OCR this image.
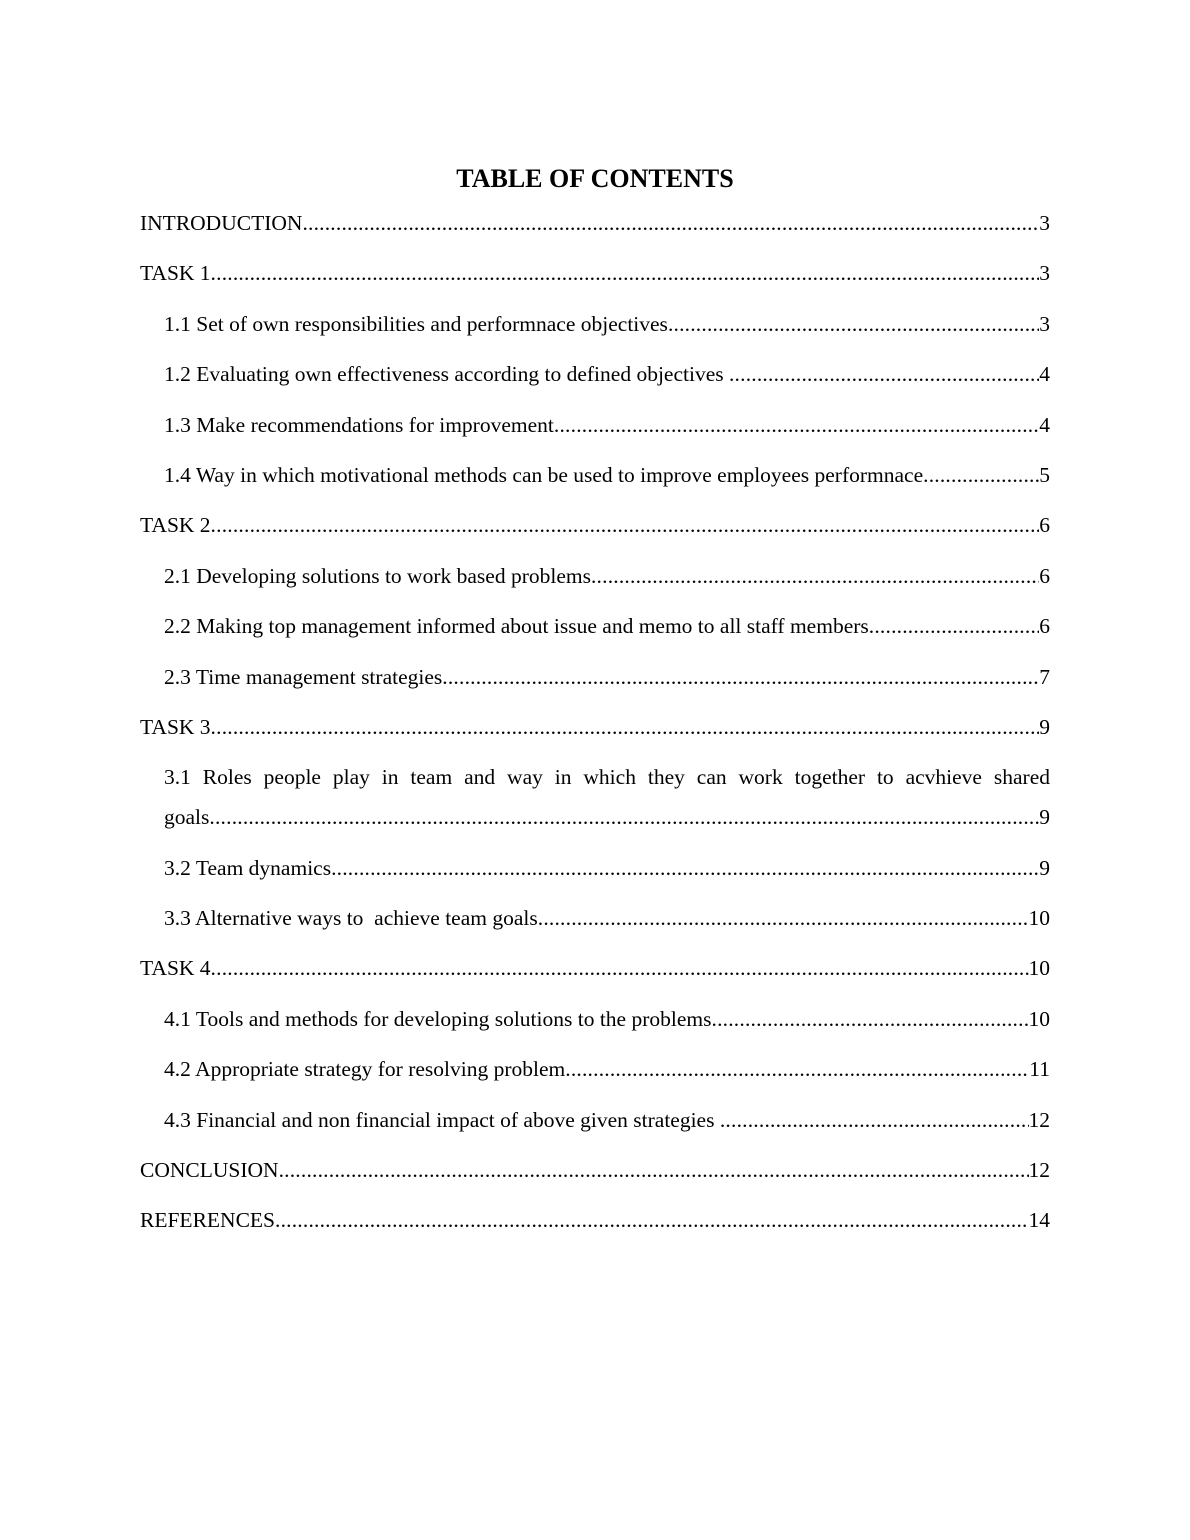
TABLE OF CONTENTS
INTRODUCTION .....	3
TASK 1 .....	3
1.1 Set of own responsibilities and performnace objectives .....	3
1.2 Evaluating own effectiveness according to defined objectives .....	4
1.3 Make recommendations for improvement .....	4
1.4 Way in which motivational methods can be used to improve employees performnace .....	5
TASK 2 .....	6
2.1 Developing solutions to work based problems .....	6
2.2 Making top management informed about issue and memo to all staff members .....	6
2.3 Time management strategies .....	7
TASK 3 .....	9
3.1 Roles people play in team and way in which they can work together to acvhieve shared
goals .....	9
3.2 Team dynamics .....	9
3.3 Alternative ways to  achieve team goals .....	10
TASK 4 .....	10
4.1 Tools and methods for developing solutions to the problems .....	10
4.2 Appropriate strategy for resolving problem .....	11
4.3 Financial and non financial impact of above given strategies .....	12
CONCLUSION .....	12
REFERENCES .....	14
